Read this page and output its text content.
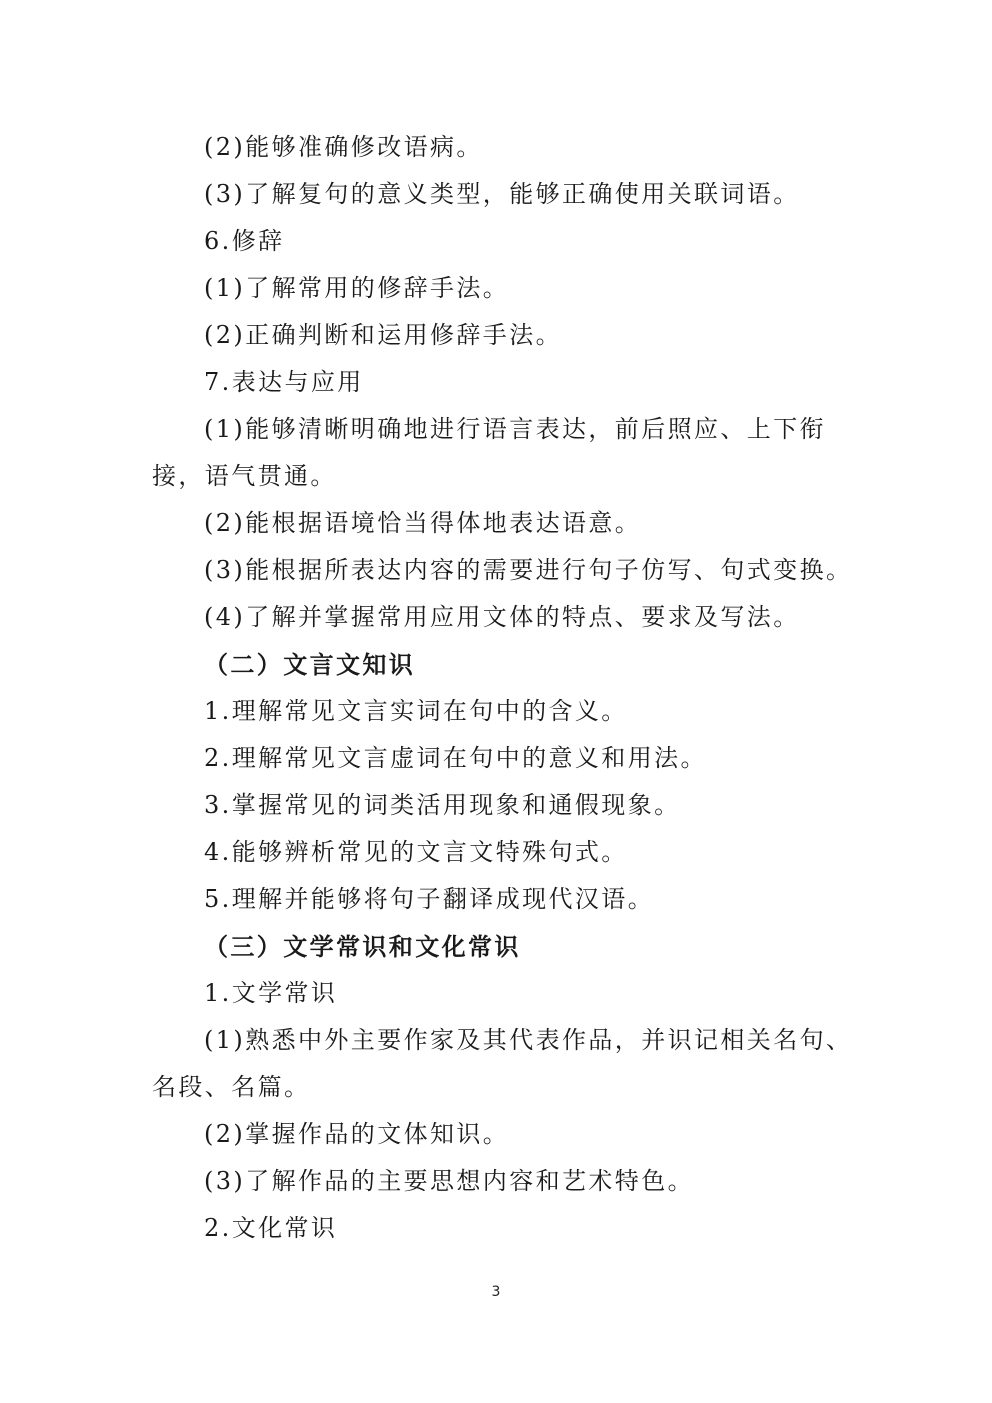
(2)能够准确修改语病。
(3)了解复句的意义类型，能够正确使用关联词语。
6.修辞
(1)了解常用的修辞手法。
(2)正确判断和运用修辞手法。
7.表达与应用
(1)能够清晰明确地进行语言表达，前后照应、上下衔
接，语气贯通。
(2)能根据语境恰当得体地表达语意。
(3)能根据所表达内容的需要进行句子仿写、句式变换。
(4)了解并掌握常用应用文体的特点、要求及写法。
（二）文言文知识
1.理解常见文言实词在句中的含义。
2.理解常见文言虚词在句中的意义和用法。
3.掌握常见的词类活用现象和通假现象。
4.能够辨析常见的文言文特殊句式。
5.理解并能够将句子翻译成现代汉语。
（三）文学常识和文化常识
1.文学常识
(1)熟悉中外主要作家及其代表作品，并识记相关名句、
名段、名篇。
(2)掌握作品的文体知识。
(3)了解作品的主要思想内容和艺术特色。
2.文化常识
3
